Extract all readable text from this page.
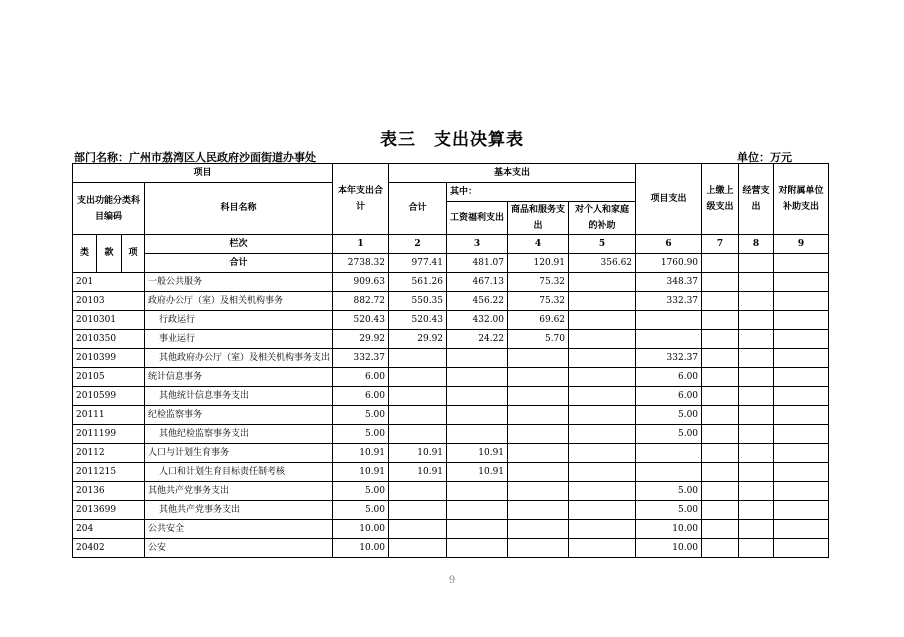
表三　支出决算表
部门名称：广州市荔湾区人民政府沙面街道办事处	单位：万元
项目				本年支出合计	基本支出				项目支出	上缴上级支出	经营支出	对附属单位补助支出
支出功能分类科目编码			科目名称		合计	其中：						
						工资福利支出	商品和服务支出	对个人和家庭的补助				

类	款	项	栏次	1	2	3	4	5	6	7	8	9
			合计	2738.32	977.41	481.07	120.91	356.62	1760.90			
201			一般公共服务	909.63	561.26	467.13	75.32		348.37			
20103			政府办公厅（室）及相关机构事务	882.72	550.35	456.22	75.32		332.37			
2010301			行政运行	520.43	520.43	432.00	69.62					
2010350			事业运行	29.92	29.92	24.22	5.70					
2010399			其他政府办公厅（室）及相关机构事务支出	332.37					332.37			
20105			统计信息事务	6.00					6.00			
2010599			其他统计信息事务支出	6.00					6.00			
20111			纪检监察事务	5.00					5.00			
2011199			其他纪检监察事务支出	5.00					5.00			
20112			人口与计划生育事务	10.91	10.91	10.91						
2011215			人口和计划生育目标责任制考核	10.91	10.91	10.91						
20136			其他共产党事务支出	5.00					5.00			
2013699			其他共产党事务支出	5.00					5.00			
204			公共安全	10.00					10.00			
20402			公安	10.00					10.00			
9
